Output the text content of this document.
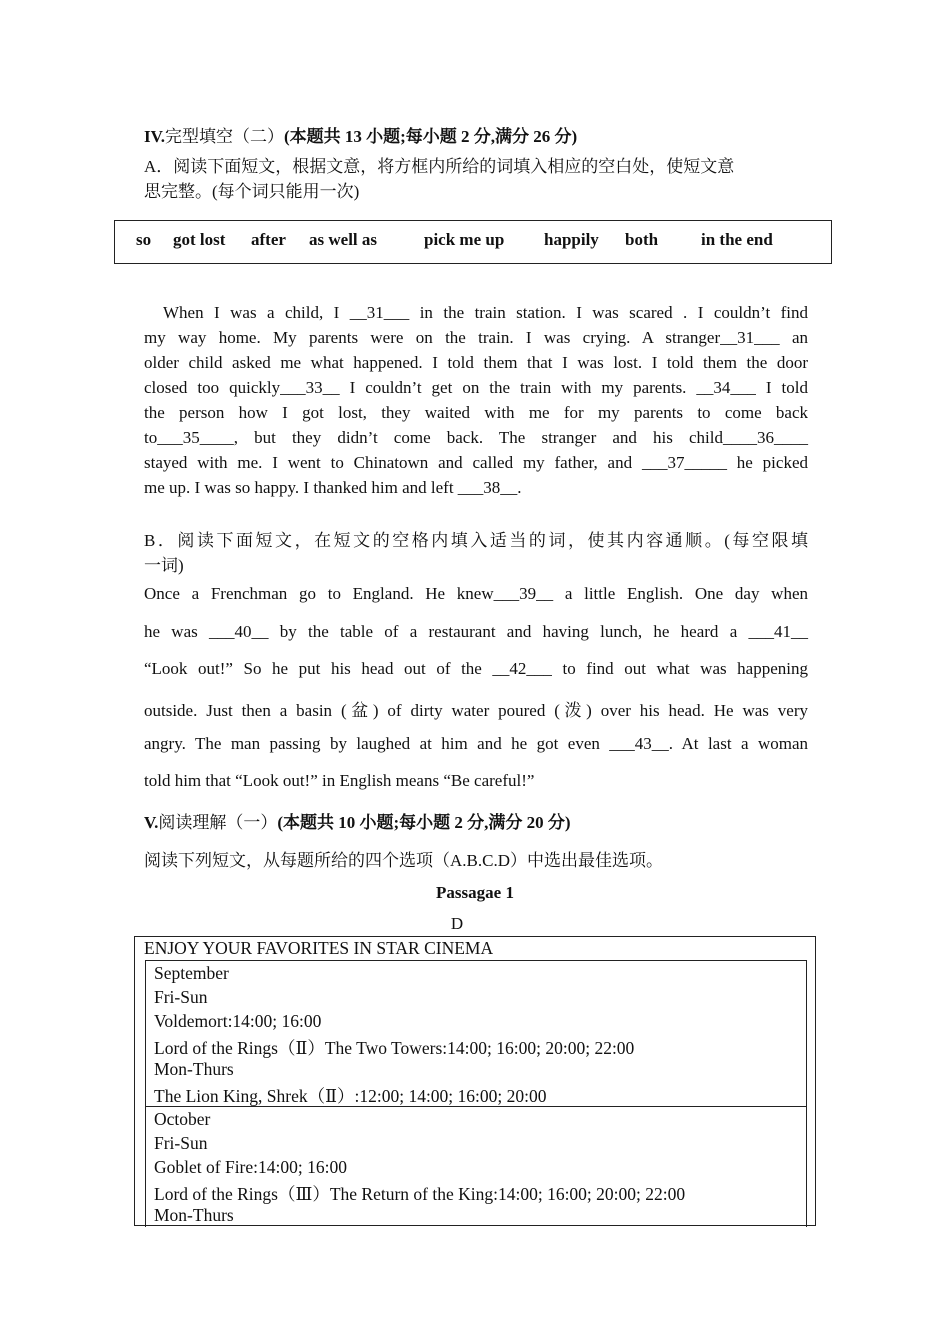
IV.完型填空（二）(本题共 13 小题;每小题 2 分,满分 26 分)
A．阅读下面短文，根据文意，将方框内所给的词填入相应的空白处，使短文意
思完整。(每个词只能用一次)
so got lost after as well as	pick me up happily both	in the end
When I was a child, I __31___ in the train station. I was scared . I couldn’t find
my way home. My parents were on the train. I was crying. A stranger__31___ an
older child asked me what happened. I told them that I was lost. I told them the door
closed too quickly___33__ I couldn’t get on the train with my parents. __34___ I told
the person how I got lost, they waited with me for my parents to come back
to___35____, but they didn’t come back. The stranger and his child____36____
stayed with me. I went to Chinatown and called my father, and ___37_____ he picked
me up. I was so happy. I thanked him and left ___38__.
B．阅读下面短文，在短文的空格内填入适当的词，使其内容通顺。(每空限填
一词)
Once a Frenchman go to England. He knew___39__ a little English. One day when
he was ___40__ by the table of a restaurant and having lunch, he heard a ___41__
“Look out!” So he put his head out of the __42___ to find out what was happening
outside. Just then a basin (盆) of dirty water poured (泼) over his head. He was very
angry. The man passing by laughed at him and he got even ___43__. At last a woman
told him that “Look out!” in English means “Be careful!”
V.阅读理解（一）(本题共 10 小题;每小题 2 分,满分 20 分)
阅读下列短文，从每题所给的四个选项（A.B.C.D）中选出最佳选项。
Passagae 1
D
ENJOY YOUR FAVORITES IN STAR CINEMA
September
Fri-Sun
Voldemort:14:00; 16:00
Lord of the Rings（Ⅱ）The Two Towers:14:00; 16:00; 20:00; 22:00
Mon-Thurs
The Lion King, Shrek（Ⅱ）:12:00; 14:00; 16:00; 20:00
October
Fri-Sun
Goblet of Fire:14:00; 16:00
Lord of the Rings（Ⅲ）The Return of the King:14:00; 16:00; 20:00; 22:00
Mon-Thurs
